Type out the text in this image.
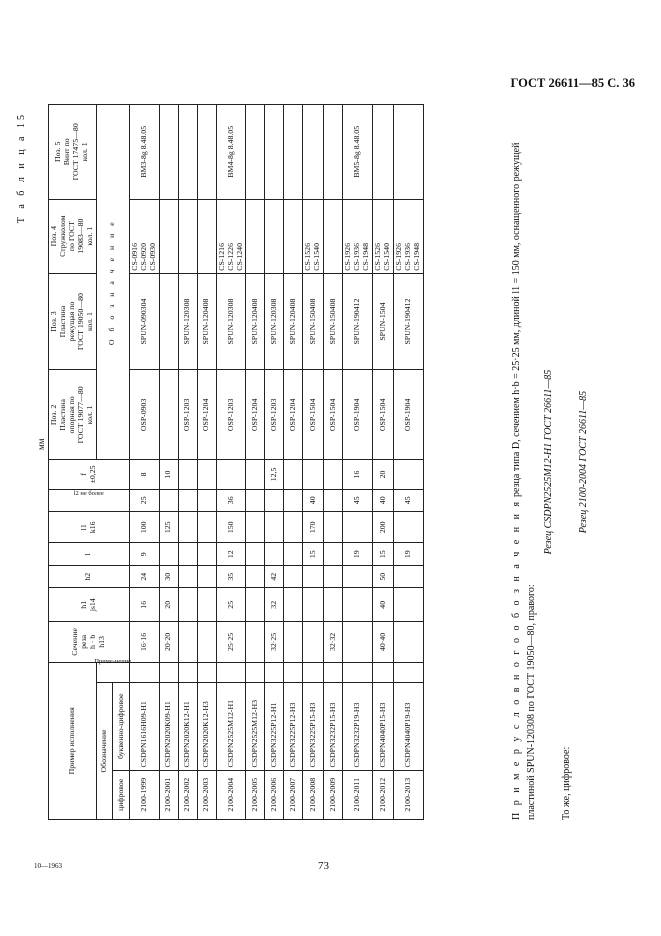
ГОСТ 26611—85 С. 36
Т а б л и ц а 15
мм
Пример исполнения			Сечение
реза
h · b
h13	h1
js14	h2	l	l1
k16	l2 не более	f
±0,25	Поз. 2
Пластина
опорная по
ГОСТ 19077—80
кол. 1	Поз. 3
Пластина
режущая по
ГОСТ 19050—80
кол. 1	Поз. 4
Стружколом
по ГОСТ
19083—80
кол. 1	Поз. 5
Винт по
ГОСТ 17475—80
кол. 1
Обозначение		Приме-нение								О б о з н а ч е н и е			
цифровое	буквенно-цифровое												
2100-1999	CSDPN1616H09-H1		16·16	16	24	9	100	25	8	OSP-0903	SPUN-090304	CS-0916
CS-0920
CS-0930	ВМ3-8g 8.48.05
2100-2001	CSDPN2020K09-H1		20·20	20	30		125		10				
2100-2002	CSDPN2020K12-H1									OSP-1203	SPUN-120308		
2100-2003	CSDPN2020K12-H3									OSP-1204	SPUN-120408		
2100-2004	CSDPN2525M12-H1		25·25	25	35	12	150	36		OSP-1203	SPUN-120308	CS-1216
CS-1226
CS-1240	ВМ4-8g 8.48.05
2100-2005	CSDPN2525M12-H3									OSP-1204	SPUN-120408		
2100-2006	CSDPN3225P12-H1		32·25	32	42				12,5	OSP-1203	SPUN-120308		
2100-2007	CSDPN3225P12-H3									OSP-1204	SPUN-120408		
2100-2008	CSDPN3225P15-H3					15	170	40		OSP-1504	SPUN-150408	CS-1526
CS-1540	
2100-2009	CSDPN3232P15-H3		32·32							OSP-1504	SPUN-150408		
2100-2011	CSDPN3232P19-H3					19		45	16	OSP-1904	SPUN-190412	CS-1926
CS-1936
CS-1948	ВМ5-8g 8.48.05
2100-2012	CSDPN4040P15-H3		40·40	40	50	15	200	40	20	OSP-1504	SPUN-1504	CS-1526
CS-1540	
2100-2013	CSDPN4040P19-H3					19		45		OSP-1904	SPUN-190412	CS-1926
CS-1936
CS-1948	

П р и м е р у с л о в н о г о о б о з н а ч е н и я резца типа D, сечением h·b = 25·25 мм, длиной l1 = 150 мм, оснащенного режущей пластиной SPUN-120308 по ГОСТ 19050—80, правого:

Резец CSDPN2525M12-H1 ГОСТ 26611—85

То же, цифровое:

Резец 2100-2004 ГОСТ 26611—85

73
10—1963
